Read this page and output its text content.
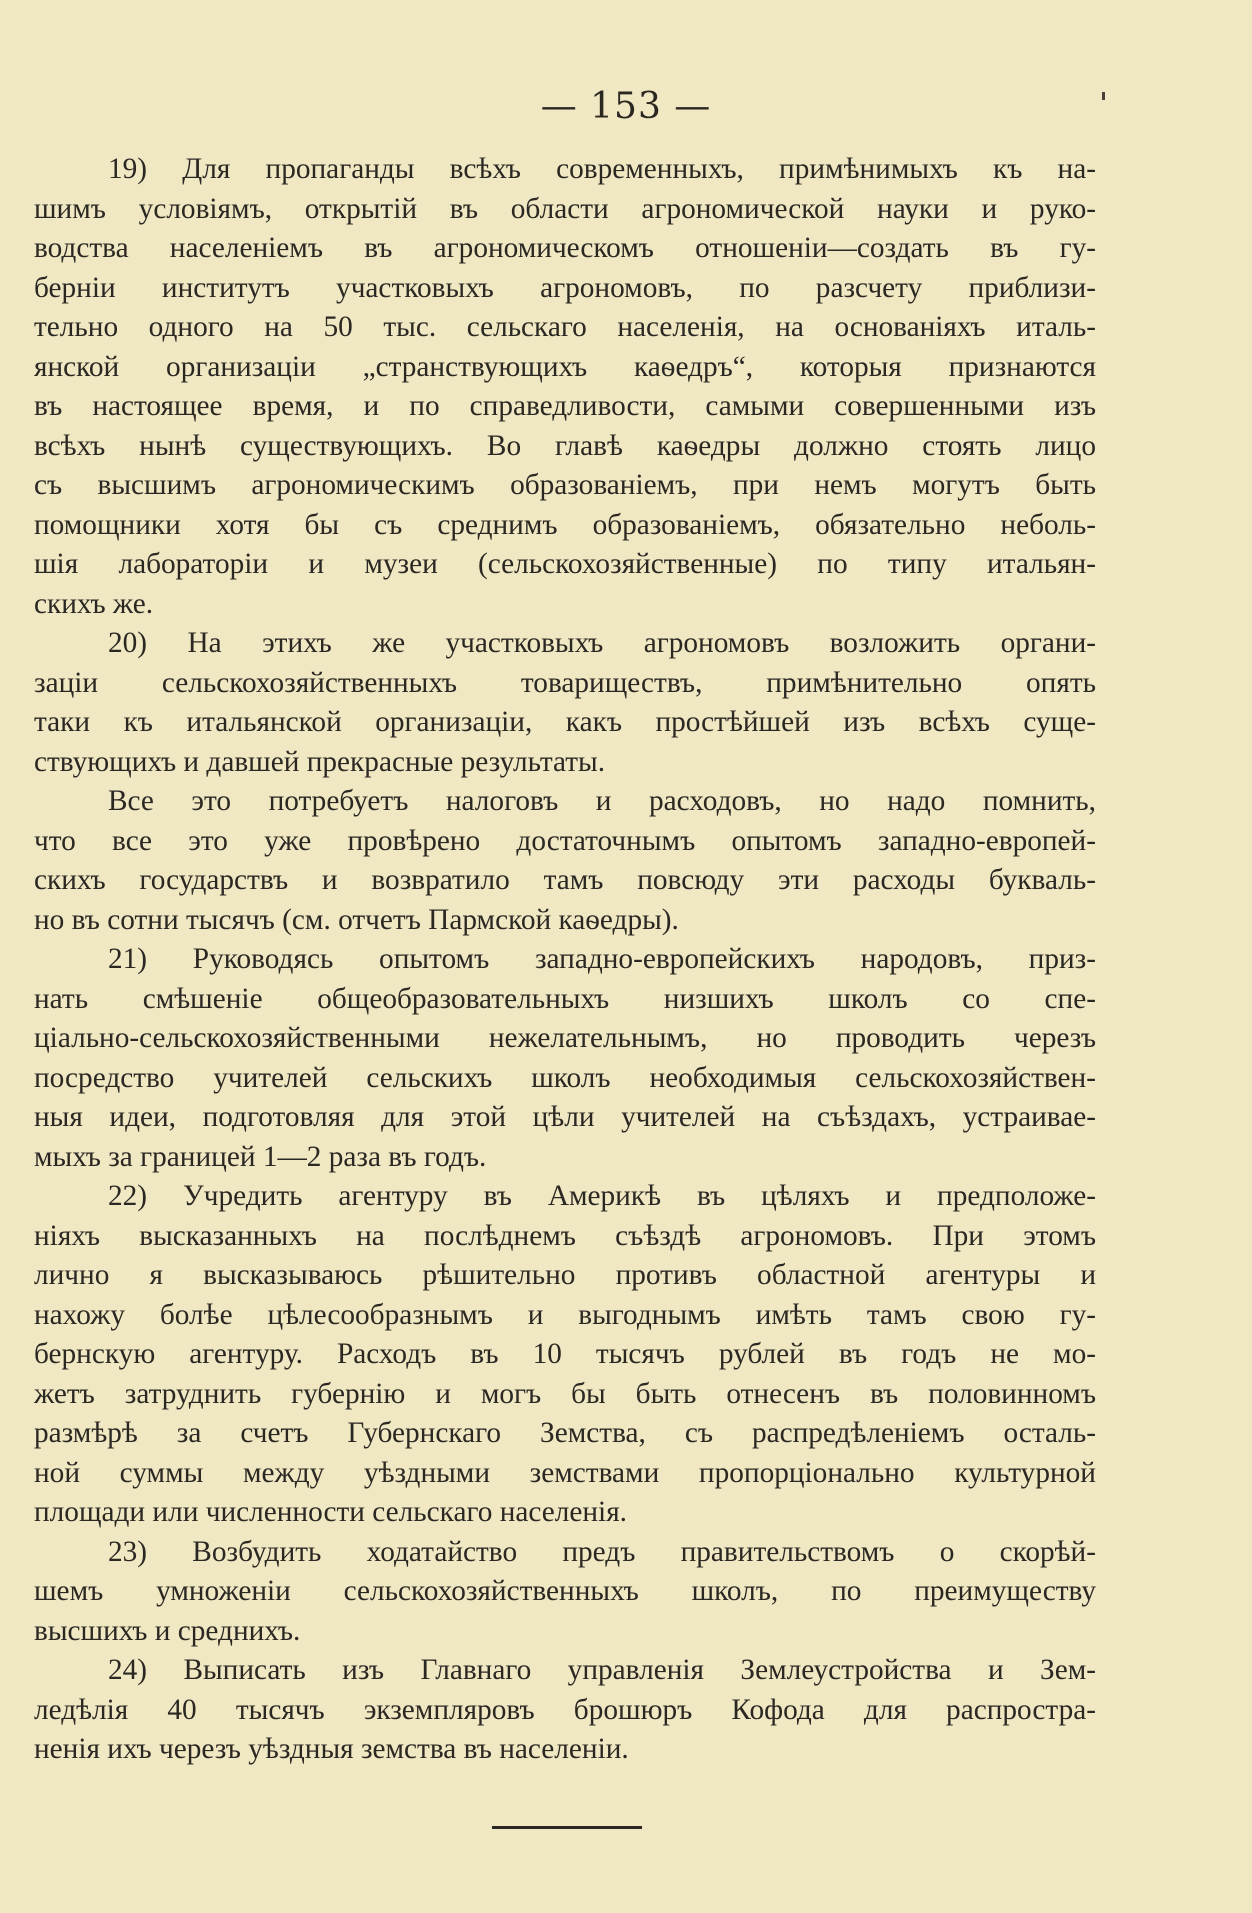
— 153 —
19) Для пропаганды всѣхъ современныхъ, примѣнимыхъ къ на-
шимъ условiямъ, открытiй въ области агрономической науки и руко-
водства населенiемъ въ агрономическомъ отношенiи—создать въ гу-
бернiи институтъ участковыхъ агрономовъ, по разсчету приблизи-
тельно одного на 50 тыс. сельскаго населенiя, на основанiяхъ италь-
янской организацiи „странствующихъ каѳедръ“, которыя признаются
въ настоящее время, и по справедливости, самыми совершенными изъ
всѣхъ нынѣ существующихъ. Во главѣ каѳедры должно стоять лицо
съ высшимъ агрономическимъ образованiемъ, при немъ могутъ быть
помощники хотя бы съ среднимъ образованiемъ, обязательно неболь-
шiя лабораторiи и музеи (сельскохозяйственные) по типу итальян-
скихъ же.
20) На этихъ же участковыхъ агрономовъ возложить органи-
зацiи сельскохозяйственныхъ товариществъ, примѣнительно опять
таки къ итальянской организацiи, какъ простѣйшей изъ всѣхъ суще-
ствующихъ и давшей прекрасные результаты.
Все это потребуетъ налоговъ и расходовъ, но надо помнить,
что все это уже провѣрено достаточнымъ опытомъ западно-европей-
скихъ государствъ и возвратило тамъ повсюду эти расходы букваль-
но въ сотни тысячъ (см. отчетъ Пармской каѳедры).
21) Руководясь опытомъ западно-европейскихъ народовъ, приз-
нать смѣшенiе общеобразовательныхъ низшихъ школъ со спе-
цiально-сельскохозяйственными нежелательнымъ, но проводить черезъ
посредство учителей сельскихъ школъ необходимыя сельскохозяйствен-
ныя идеи, подготовляя для этой цѣли учителей на съѣздахъ, устраивае-
мыхъ за границей 1—2 раза въ годъ.
22) Учредить агентуру въ Америкѣ въ цѣляхъ и предположе-
нiяхъ высказанныхъ на послѣднемъ съѣздѣ агрономовъ. При этомъ
лично я высказываюсь рѣшительно противъ областной агентуры и
нахожу болѣе цѣлесообразнымъ и выгоднымъ имѣть тамъ свою гу-
бернскую агентуру. Расходъ въ 10 тысячъ рублей въ годъ не мо-
жетъ затруднить губернiю и могъ бы быть отнесенъ въ половинномъ
размѣрѣ за счетъ Губернскаго Земства, съ распредѣленiемъ осталь-
ной суммы между уѣздными земствами пропорцiонально культурной
площади или численности сельскаго населенiя.
23) Возбудить ходатайство предъ правительствомъ о скорѣй-
шемъ умноженiи сельскохозяйственныхъ школъ, по преимуществу
высшихъ и среднихъ.
24) Выписать изъ Главнаго управленiя Землеустройства и Зем-
ледѣлiя 40 тысячъ экземпляровъ брошюръ Кофода для распростра-
ненiя ихъ черезъ уѣздныя земства въ населенiи.
